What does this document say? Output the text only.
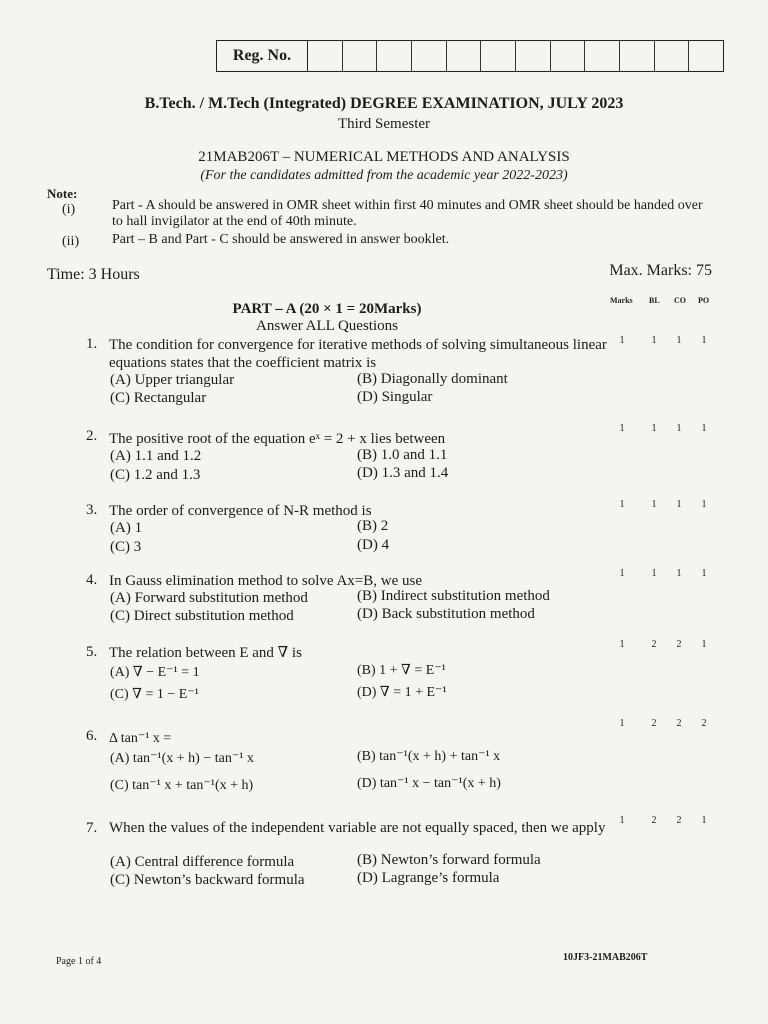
Reg. No.
B.Tech. / M.Tech (Integrated) DEGREE EXAMINATION, JULY 2023
Third Semester
21MAB206T – NUMERICAL METHODS AND ANALYSIS
(For the candidates admitted from the academic year 2022-2023)
Note:
(i)	Part - A should be answered in OMR sheet within first 40 minutes and OMR sheet should be handed over to hall invigilator at the end of 40th minute.
(ii) Part – B and Part - C should be answered in answer booklet.
Time: 3 Hours	Max. Marks: 75
Marks BL CO PO
PART – A (20 × 1 = 20Marks)
Answer ALL Questions
1. The condition for convergence for iterative methods of solving simultaneous linear equations states that the coefficient matrix is
(A) Upper triangular	(B) Diagonally dominant
(C) Rectangular	(D) Singular
1	1	1	1
2. The positive root of the equation eˣ = 2 + x lies between
(A) 1.1 and 1.2	(B) 1.0 and 1.1
(C) 1.2 and 1.3	(D) 1.3 and 1.4
1	1	1	1
3. The order of convergence of N-R method is
(A) 1	(B) 2
(C) 3	(D) 4
1	1	1	1
4. In Gauss elimination method to solve Ax=B, we use
(A) Forward substitution method	(B) Indirect substitution method
(C) Direct substitution method	(D) Back substitution method
1	1	1	1
5. The relation between E and ∇ is
(A) ∇ − E⁻¹ = 1	(B) 1 + ∇ = E⁻¹
(C) ∇ = 1 − E⁻¹	(D) ∇ = 1 + E⁻¹
1	2	2	1
6. Δ tan⁻¹ x =
(A) tan⁻¹(x + h) − tan⁻¹ x	(B) tan⁻¹(x + h) + tan⁻¹ x
(C) tan⁻¹ x + tan⁻¹(x + h)	(D) tan⁻¹ x − tan⁻¹(x + h)
1	2	2	2
7. When the values of the independent variable are not equally spaced, then we apply
(A) Central difference formula	(B) Newton’s forward formula
(C) Newton’s backward formula	(D) Lagrange’s formula
1	2	2	1
Page 1 of 4	10JF3-21MAB206T
